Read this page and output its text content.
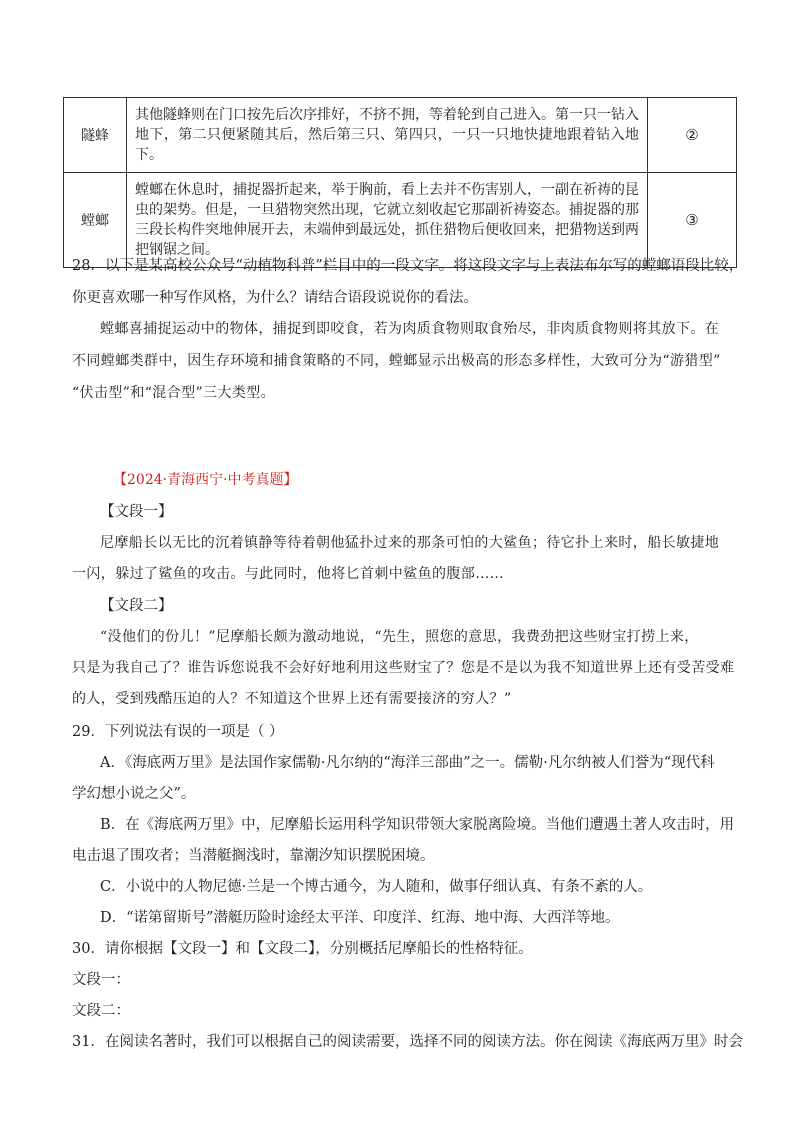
隧蜂	其他隧蜂则在门口按先后次序排好，不挤不拥，等着轮到自己进入。第一只一钻入地下，第二只便紧随其后，然后第三只、第四只，一只一只地快捷地跟着钻入地下。	②
螳螂	螳螂在休息时，捕捉器折起来，举于胸前，看上去并不伤害别人，一副在祈祷的昆虫的架势。但是，一旦猎物突然出现，它就立刻收起它那副祈祷姿态。捕捉器的那三段长构件突地伸展开去，末端伸到最远处，抓住猎物后便收回来，把猎物送到两把钢锯之间。	③
28．以下是某高校公众号“动植物科普”栏目中的一段文字。将这段文字与上表法布尔写的螳螂语段比较，
你更喜欢哪一种写作风格，为什么？请结合语段说说你的看法。
螳螂喜捕捉运动中的物体，捕捉到即咬食，若为肉质食物则取食殆尽，非肉质食物则将其放下。在
不同螳螂类群中，因生存环境和捕食策略的不同，螳螂显示出极高的形态多样性，大致可分为“游猎型”
“伏击型”和“混合型”三大类型。
【2024·青海西宁·中考真题】
【文段一】
尼摩船长以无比的沉着镇静等待着朝他猛扑过来的那条可怕的大鲨鱼；待它扑上来时，船长敏捷地
一闪，躲过了鲨鱼的攻击。与此同时，他将匕首刺中鲨鱼的腹部……
【文段二】
“没他们的份儿！”尼摩船长颇为激动地说，“先生，照您的意思，我费劲把这些财宝打捞上来，
只是为我自己了？谁告诉您说我不会好好地利用这些财宝了？您是不是以为我不知道世界上还有受苦受难
的人，受到残酷压迫的人？不知道这个世界上还有需要接济的穷人？”
29．下列说法有误的一项是（ ）
A．《海底两万里》是法国作家儒勒·凡尔纳的“海洋三部曲”之一。儒勒·凡尔纳被人们誉为“现代科
学幻想小说之父”。
B．在《海底两万里》中，尼摩船长运用科学知识带领大家脱离险境。当他们遭遇土著人攻击时，用
电击退了围攻者；当潜艇搁浅时，靠潮汐知识摆脱困境。
C．小说中的人物尼德·兰是一个博古通今，为人随和，做事仔细认真、有条不紊的人。
D．“诺第留斯号”潜艇历险时途经太平洋、印度洋、红海、地中海、大西洋等地。
30．请你根据【文段一】和【文段二】，分别概括尼摩船长的性格特征。
文段一：
文段二：
31．在阅读名著时，我们可以根据自己的阅读需要，选择不同的阅读方法。你在阅读《海底两万里》时会
